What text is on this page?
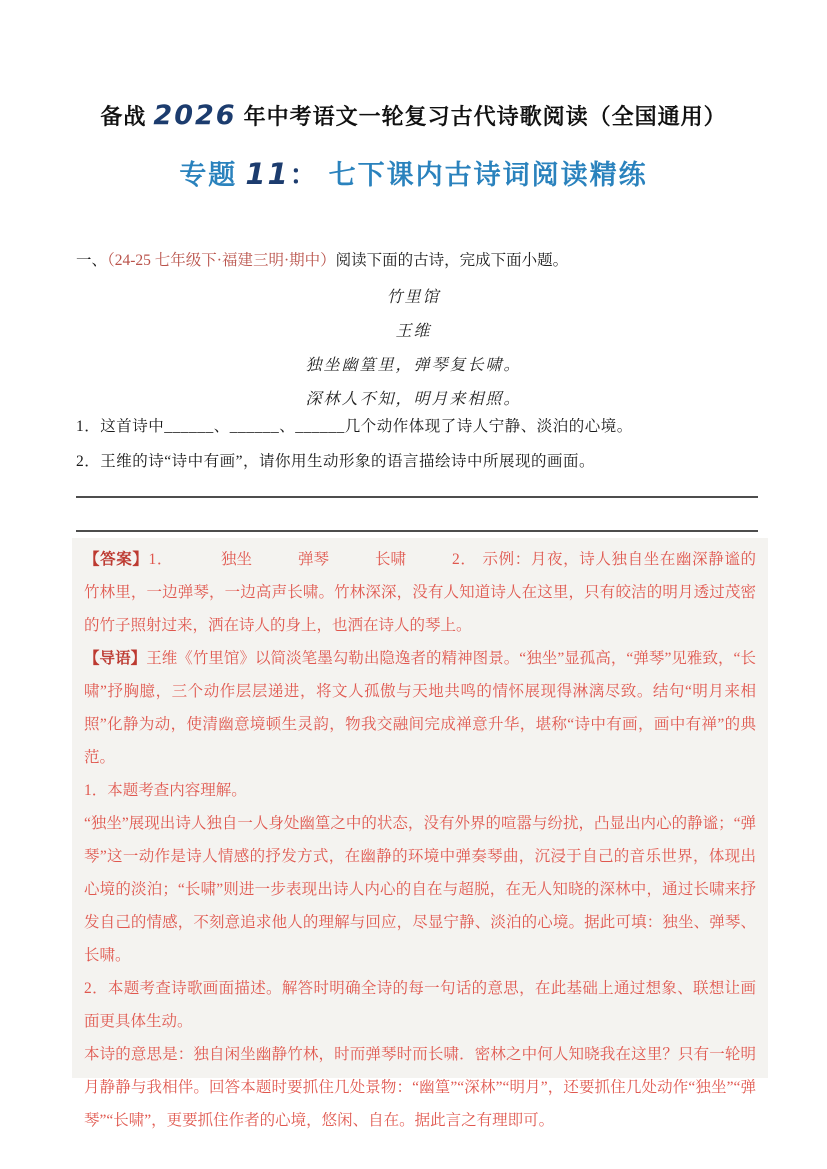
备战 2026 年中考语文一轮复习古代诗歌阅读（全国通用）
专题 11： 七下课内古诗词阅读精练
一、（24-25 七年级下·福建三明·期中）阅读下面的古诗，完成下面小题。
竹里馆
王维
独坐幽篁里，弹琴复长啸。
深林人不知，明月来相照。
1．这首诗中______、______、______几个动作体现了诗人宁静、淡泊的心境。
2．王维的诗“诗中有画”，请你用生动形象的语言描绘诗中所展现的画面。

【答案】1．	独坐	弹琴	长啸	2． 示例：月夜，诗人独自坐在幽深静谧的竹林里，一边弹琴，一边高声长啸。竹林深深，没有人知道诗人在这里，只有皎洁的明月透过茂密的竹子照射过来，洒在诗人的身上，也洒在诗人的琴上。

【导语】王维《竹里馆》以简淡笔墨勾勒出隐逸者的精神图景。“独坐”显孤高，“弹琴”见雅致，“长啸”抒胸臆，三个动作层层递进，将文人孤傲与天地共鸣的情怀展现得淋漓尽致。结句“明月来相照”化静为动，使清幽意境顿生灵韵，物我交融间完成禅意升华，堪称“诗中有画，画中有禅”的典范。

1．本题考查内容理解。

“独坐”展现出诗人独自一人身处幽篁之中的状态，没有外界的喧嚣与纷扰，凸显出内心的静谧；“弹琴”这一动作是诗人情感的抒发方式，在幽静的环境中弹奏琴曲，沉浸于自己的音乐世界，体现出心境的淡泊；“长啸”则进一步表现出诗人内心的自在与超脱，在无人知晓的深林中，通过长啸来抒发自己的情感，不刻意追求他人的理解与回应，尽显宁静、淡泊的心境。据此可填：独坐、弹琴、长啸。

2．本题考查诗歌画面描述。解答时明确全诗的每一句话的意思，在此基础上通过想象、联想让画面更具体生动。

本诗的意思是：独自闲坐幽静竹林，时而弹琴时而长啸．密林之中何人知晓我在这里？只有一轮明月静静与我相伴。回答本题时要抓住几处景物：“幽篁”“深林”“明月”，还要抓住几处动作“独坐”“弹琴”“长啸”，更要抓住作者的心境，悠闲、自在。据此言之有理即可。
